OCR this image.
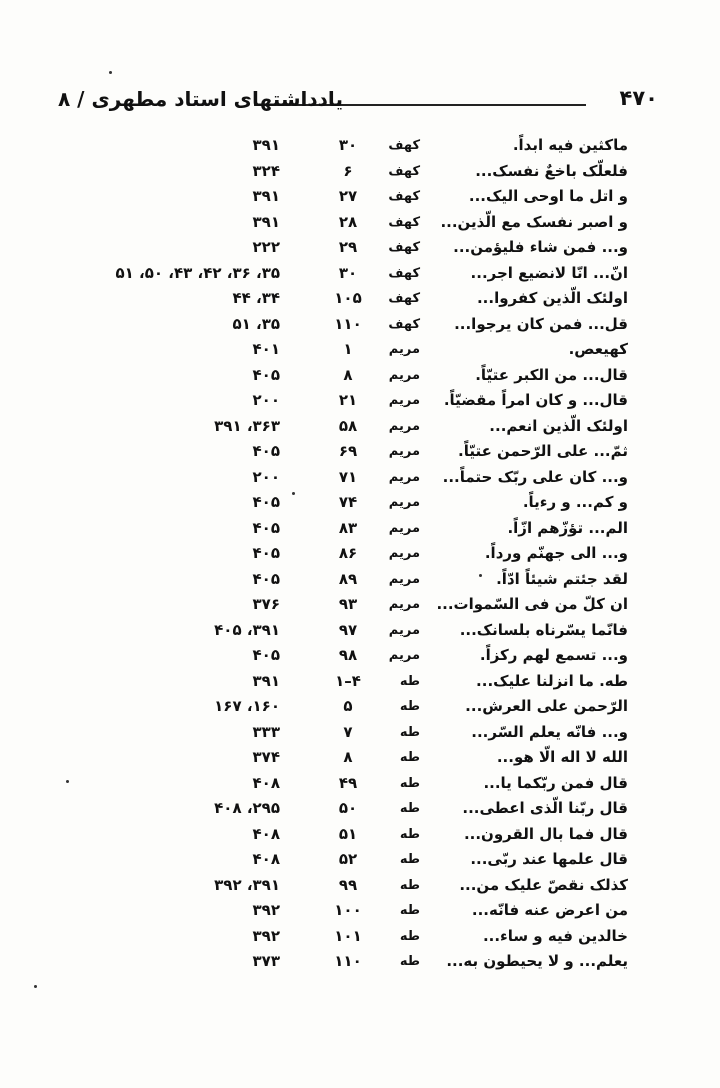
۴۷۰
یادداشتهای استاد مطهری / ۸
ماکثین فیه ابداً.
کهف
۳۰
۳۹۱
فلعلّک باخعٌ نفسک...
کهف
۶
۳۲۴
و اتل ما اوحی الیک...
کهف
۲۷
۳۹۱
و اصبر نفسک مع الّذین...
کهف
۲۸
۳۹۱
و... فمن شاء فلیؤمن...
کهف
۲۹
۲۲۲
انّ... انّا لانضیع اجر...
کهف
۳۰
۳۵، ۳۶، ۴۲، ۴۳، ۵۰، ۵۱
اولئک الّذین کفروا...
کهف
۱۰۵
۳۴، ۴۴
قل... فمن کان یرجوا...
کهف
۱۱۰
۳۵، ۵۱
کهیعص.
مریم
۱
۴۰۱
قال... من الکبر عتیّاً.
مریم
۸
۴۰۵
قال... و کان امراً مقضیّاً.
مریم
۲۱
۲۰۰
اولئک الّذین انعم...
مریم
۵۸
۳۶۳، ۳۹۱
ثمّ... علی الرّحمن عتیّاً.
مریم
۶۹
۴۰۵
و... کان علی ربّک حتماً...
مریم
۷۱
۲۰۰
و کم... و رءیاً.
مریم
۷۴
۴۰۵
الم... تؤزّهم ازّاً.
مریم
۸۳
۴۰۵
و... الی جهنّم ورداً.
مریم
۸۶
۴۰۵
لقد جئتم شیئاً ادّاً.
مریم
۸۹
۴۰۵
ان کلّ من فی السّموات...
مریم
۹۳
۳۷۶
فانّما یسّرناه بلسانک...
مریم
۹۷
۳۹۱، ۴۰۵
و... تسمع لهم رکزاً.
مریم
۹۸
۴۰۵
طه. ما انزلنا علیک...
طه
۱–۴
۳۹۱
الرّحمن علی العرش...
طه
۵
۱۶۰، ۱۶۷
و... فانّه یعلم السّر...
طه
۷
۳۳۳
الله لا اله الّا هو...
طه
۸
۳۷۴
قال فمن ربّکما یا...
طه
۴۹
۴۰۸
قال ربّنا الّذی اعطی...
طه
۵۰
۲۹۵، ۴۰۸
قال فما بال القرون...
طه
۵۱
۴۰۸
قال علمها عند ربّی...
طه
۵۲
۴۰۸
کذلک نقصّ علیک من...
طه
۹۹
۳۹۱، ۳۹۲
من اعرض عنه فانّه...
طه
۱۰۰
۳۹۲
خالدین فیه و ساء...
طه
۱۰۱
۳۹۲
یعلم... و لا یحیطون به...
طه
۱۱۰
۳۷۳
